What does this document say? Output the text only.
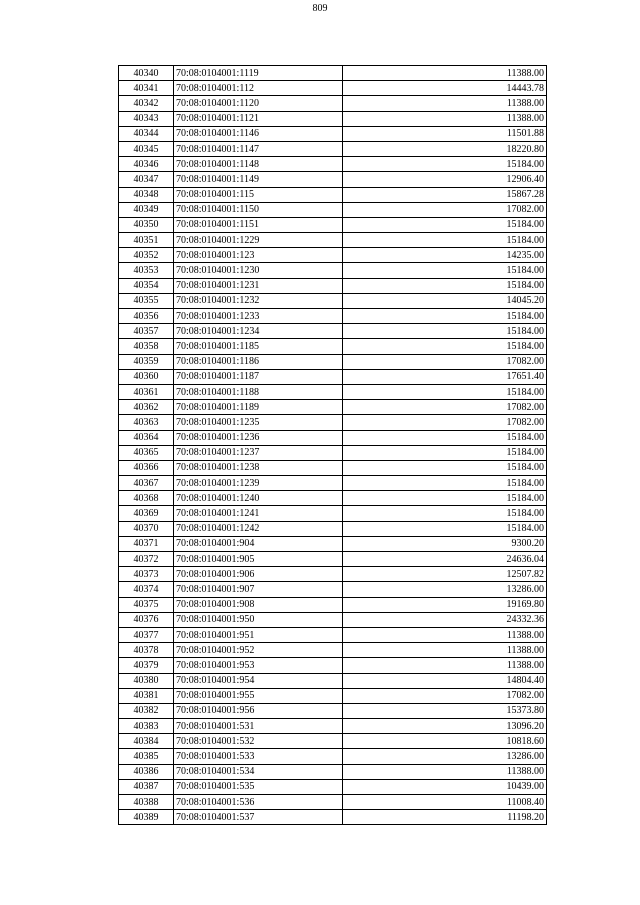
809
40340	70:08:0104001:1119	11388.00
40341	70:08:0104001:112	14443.78
40342	70:08:0104001:1120	11388.00
40343	70:08:0104001:1121	11388.00
40344	70:08:0104001:1146	11501.88
40345	70:08:0104001:1147	18220.80
40346	70:08:0104001:1148	15184.00
40347	70:08:0104001:1149	12906.40
40348	70:08:0104001:115	15867.28
40349	70:08:0104001:1150	17082.00
40350	70:08:0104001:1151	15184.00
40351	70:08:0104001:1229	15184.00
40352	70:08:0104001:123	14235.00
40353	70:08:0104001:1230	15184.00
40354	70:08:0104001:1231	15184.00
40355	70:08:0104001:1232	14045.20
40356	70:08:0104001:1233	15184.00
40357	70:08:0104001:1234	15184.00
40358	70:08:0104001:1185	15184.00
40359	70:08:0104001:1186	17082.00
40360	70:08:0104001:1187	17651.40
40361	70:08:0104001:1188	15184.00
40362	70:08:0104001:1189	17082.00
40363	70:08:0104001:1235	17082.00
40364	70:08:0104001:1236	15184.00
40365	70:08:0104001:1237	15184.00
40366	70:08:0104001:1238	15184.00
40367	70:08:0104001:1239	15184.00
40368	70:08:0104001:1240	15184.00
40369	70:08:0104001:1241	15184.00
40370	70:08:0104001:1242	15184.00
40371	70:08:0104001:904	9300.20
40372	70:08:0104001:905	24636.04
40373	70:08:0104001:906	12507.82
40374	70:08:0104001:907	13286.00
40375	70:08:0104001:908	19169.80
40376	70:08:0104001:950	24332.36
40377	70:08:0104001:951	11388.00
40378	70:08:0104001:952	11388.00
40379	70:08:0104001:953	11388.00
40380	70:08:0104001:954	14804.40
40381	70:08:0104001:955	17082.00
40382	70:08:0104001:956	15373.80
40383	70:08:0104001:531	13096.20
40384	70:08:0104001:532	10818.60
40385	70:08:0104001:533	13286.00
40386	70:08:0104001:534	11388.00
40387	70:08:0104001:535	10439.00
40388	70:08:0104001:536	11008.40
40389	70:08:0104001:537	11198.20
